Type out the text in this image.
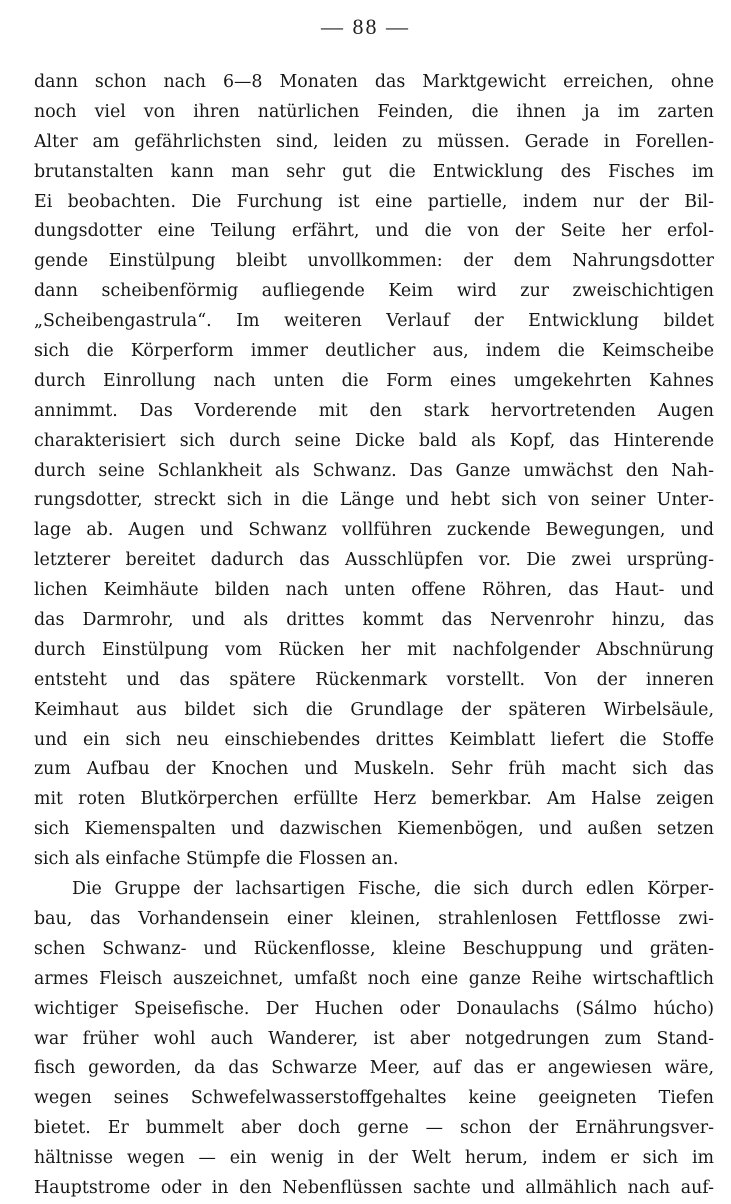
— 88 —
dann schon nach 6—8 Monaten das Marktgewicht erreichen, ohne
noch viel von ihren natürlichen Feinden, die ihnen ja im zarten
Alter am gefährlichsten sind, leiden zu müssen. Gerade in Forellen-
brutanstalten kann man sehr gut die Entwicklung des Fisches im
Ei beobachten. Die Furchung ist eine partielle, indem nur der Bil-
dungsdotter eine Teilung erfährt, und die von der Seite her erfol-
gende Einstülpung bleibt unvollkommen: der dem Nahrungsdotter
dann scheibenförmig aufliegende Keim wird zur zweischichtigen
„Scheibengastrula“. Im weiteren Verlauf der Entwicklung bildet
sich die Körperform immer deutlicher aus, indem die Keimscheibe
durch Einrollung nach unten die Form eines umgekehrten Kahnes
annimmt. Das Vorderende mit den stark hervortretenden Augen
charakterisiert sich durch seine Dicke bald als Kopf, das Hinterende
durch seine Schlankheit als Schwanz. Das Ganze umwächst den Nah-
rungsdotter, streckt sich in die Länge und hebt sich von seiner Unter-
lage ab. Augen und Schwanz vollführen zuckende Bewegungen, und
letzterer bereitet dadurch das Ausschlüpfen vor. Die zwei ursprüng-
lichen Keimhäute bilden nach unten offene Röhren, das Haut- und
das Darmrohr, und als drittes kommt das Nervenrohr hinzu, das
durch Einstülpung vom Rücken her mit nachfolgender Abschnürung
entsteht und das spätere Rückenmark vorstellt. Von der inneren
Keimhaut aus bildet sich die Grundlage der späteren Wirbelsäule,
und ein sich neu einschiebendes drittes Keimblatt liefert die Stoffe
zum Aufbau der Knochen und Muskeln. Sehr früh macht sich das
mit roten Blutkörperchen erfüllte Herz bemerkbar. Am Halse zeigen
sich Kiemenspalten und dazwischen Kiemenbögen, und außen setzen
sich als einfache Stümpfe die Flossen an.
Die Gruppe der lachsartigen Fische, die sich durch edlen Körper-
bau, das Vorhandensein einer kleinen, strahlenlosen Fettflosse zwi-
schen Schwanz- und Rückenflosse, kleine Beschuppung und gräten-
armes Fleisch auszeichnet, umfaßt noch eine ganze Reihe wirtschaftlich
wichtiger Speisefische. Der Huchen oder Donaulachs (Sálmo húcho)
war früher wohl auch Wanderer, ist aber notgedrungen zum Stand-
fisch geworden, da das Schwarze Meer, auf das er angewiesen wäre,
wegen seines Schwefelwasserstoffgehaltes keine geeigneten Tiefen
bietet. Er bummelt aber doch gerne — schon der Ernährungsver-
hältnisse wegen — ein wenig in der Welt herum, indem er sich im
Hauptstrome oder in den Nebenflüssen sachte und allmählich nach auf-
